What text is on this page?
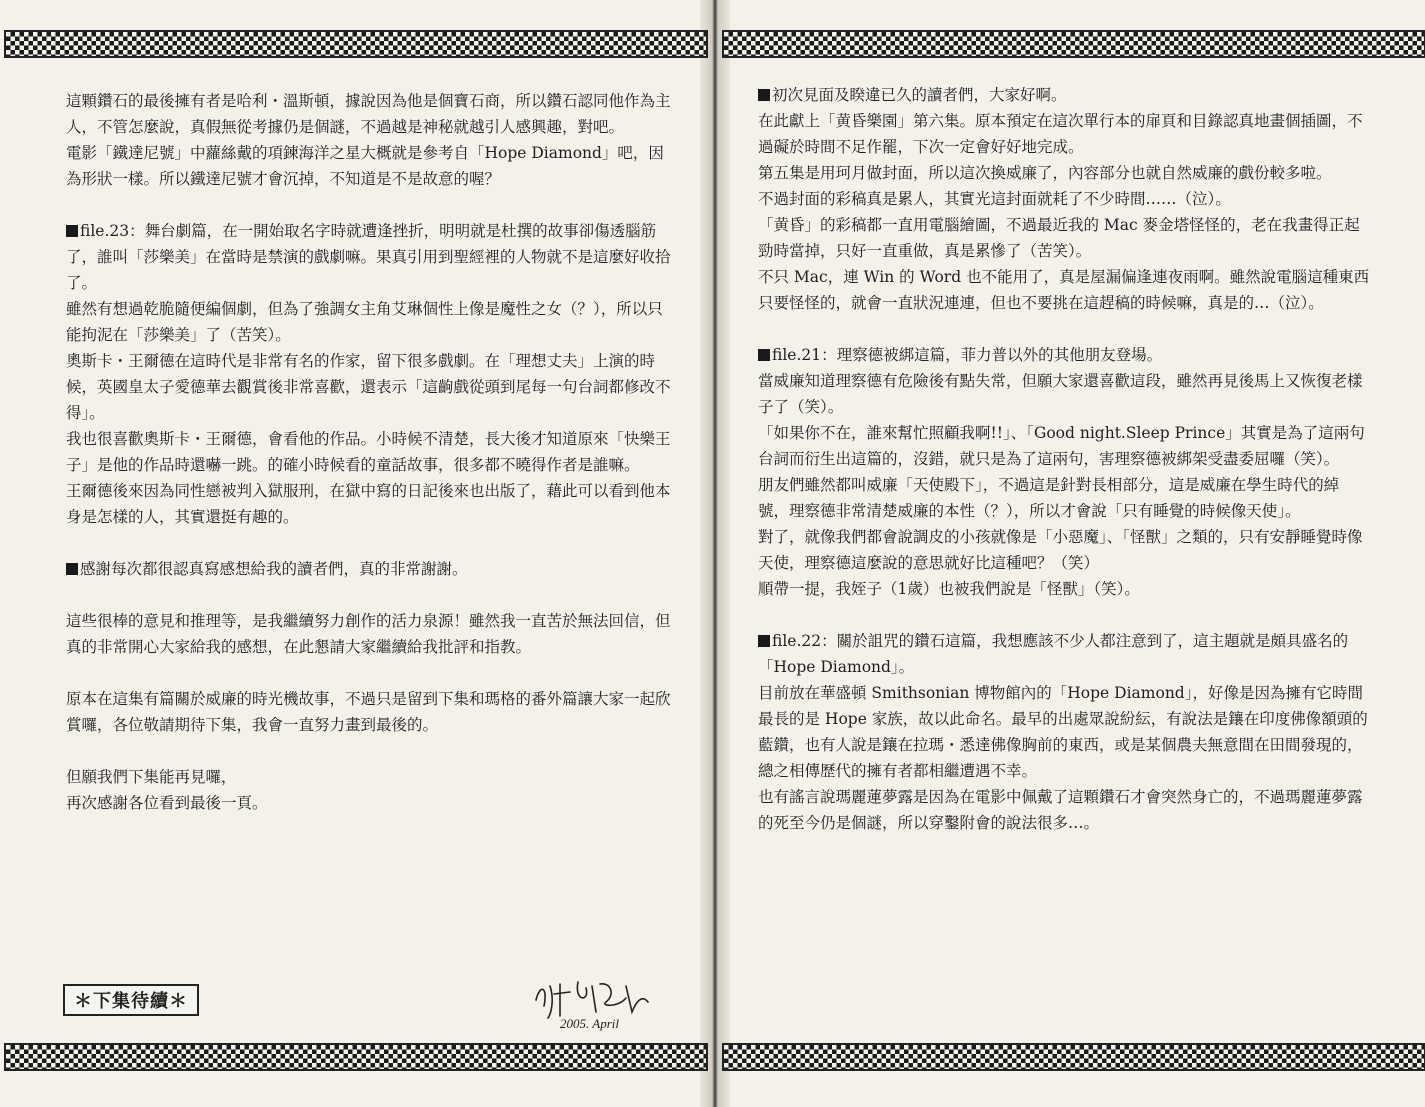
這顆鑽石的最後擁有者是哈利・溫斯頓，據說因為他是個寶石商，所以鑽石認同他作為主人，不管怎麼說，真假無從考據仍是個謎，不過越是神秘就越引人感興趣，對吧。

電影「鐵達尼號」中蘿絲戴的項鍊海洋之星大概就是參考自「Hope Diamond」吧，因為形狀一樣。所以鐵達尼號才會沉掉，不知道是不是故意的喔？

file.23：舞台劇篇，在一開始取名字時就遭逢挫折，明明就是杜撰的故事卻傷透腦筋了，誰叫「莎樂美」在當時是禁演的戲劇嘛。果真引用到聖經裡的人物就不是這麼好收拾了。

雖然有想過乾脆隨便編個劇，但為了強調女主角艾琳個性上像是魔性之女（？），所以只能拘泥在「莎樂美」了（苦笑）。

奧斯卡・王爾德在這時代是非常有名的作家，留下很多戲劇。在「理想丈夫」上演的時候，英國皇太子愛德華去觀賞後非常喜歡，還表示「這齣戲從頭到尾每一句台詞都修改不得」。

我也很喜歡奧斯卡・王爾德，會看他的作品。小時候不清楚，長大後才知道原來「快樂王子」是他的作品時還嚇一跳。的確小時候看的童話故事，很多都不曉得作者是誰嘛。

王爾德後來因為同性戀被判入獄服刑，在獄中寫的日記後來也出版了，藉此可以看到他本身是怎樣的人，其實還挺有趣的。

感謝每次都很認真寫感想給我的讀者們，真的非常謝謝。

這些很棒的意見和推理等，是我繼續努力創作的活力泉源！雖然我一直苦於無法回信，但真的非常開心大家給我的感想，在此懇請大家繼續給我批評和指教。

原本在這集有篇關於威廉的時光機故事，不過只是留到下集和瑪格的番外篇讓大家一起欣賞囉，各位敬請期待下集，我會一直努力畫到最後的。

但願我們下集能再見囉，

再次感謝各位看到最後一頁。

初次見面及睽違已久的讀者們，大家好啊。

在此獻上「黄昏樂園」第六集。原本預定在這次單行本的扉頁和目錄認真地畫個插圖，不過礙於時間不足作罷，下次一定會好好地完成。

第五集是用珂月做封面，所以這次換威廉了，內容部分也就自然威廉的戲份較多啦。

不過封面的彩稿真是累人，其實光這封面就耗了不少時間……（泣）。

「黄昏」的彩稿都一直用電腦繪圖，不過最近我的 Mac 麥金塔怪怪的，老在我畫得正起勁時當掉，只好一直重做，真是累慘了（苦笑）。

不只 Mac，連 Win 的 Word 也不能用了，真是屋漏偏逢連夜雨啊。雖然說電腦這種東西只要怪怪的，就會一直狀況連連，但也不要挑在這趕稿的時候嘛，真是的…（泣）。

file.21：理察德被綁這篇，菲力普以外的其他朋友登場。

當威廉知道理察德有危險後有點失常，但願大家還喜歡這段，雖然再見後馬上又恢復老樣子了（笑）。

「如果你不在，誰來幫忙照顧我啊!!」、「Good night.Sleep Prince」其實是為了這兩句台詞而衍生出這篇的，沒錯，就只是為了這兩句，害理察德被綁架受盡委屈囉（笑）。

朋友們雖然都叫威廉「天使殿下」，不過這是針對長相部分，這是威廉在學生時代的綽號，理察德非常清楚威廉的本性（？），所以才會說「只有睡覺的時候像天使」。

對了，就像我們都會說調皮的小孩就像是「小惡魔」、「怪獸」之類的，只有安靜睡覺時像天使，理察德這麼說的意思就好比這種吧？（笑）

順帶一提，我姪子（1歲）也被我們說是「怪獸」（笑）。

file.22：關於詛咒的鑽石這篇，我想應該不少人都注意到了，這主題就是頗具盛名的「Hope Diamond」。

目前放在華盛頓 Smithsonian 博物館內的「Hope Diamond」，好像是因為擁有它時間最長的是 Hope 家族，故以此命名。最早的出處眾說紛紜，有說法是鑲在印度佛像額頭的藍鑽，也有人說是鑲在拉瑪・悉達佛像胸前的東西，或是某個農夫無意間在田間發現的，總之相傳歷代的擁有者都相繼遭遇不幸。

也有謠言說瑪麗蓮夢露是因為在電影中佩戴了這顆鑽石才會突然身亡的，不過瑪麗蓮夢露的死至今仍是個謎，所以穿鑿附會的說法很多…。

＊下集待續＊
2005. April
